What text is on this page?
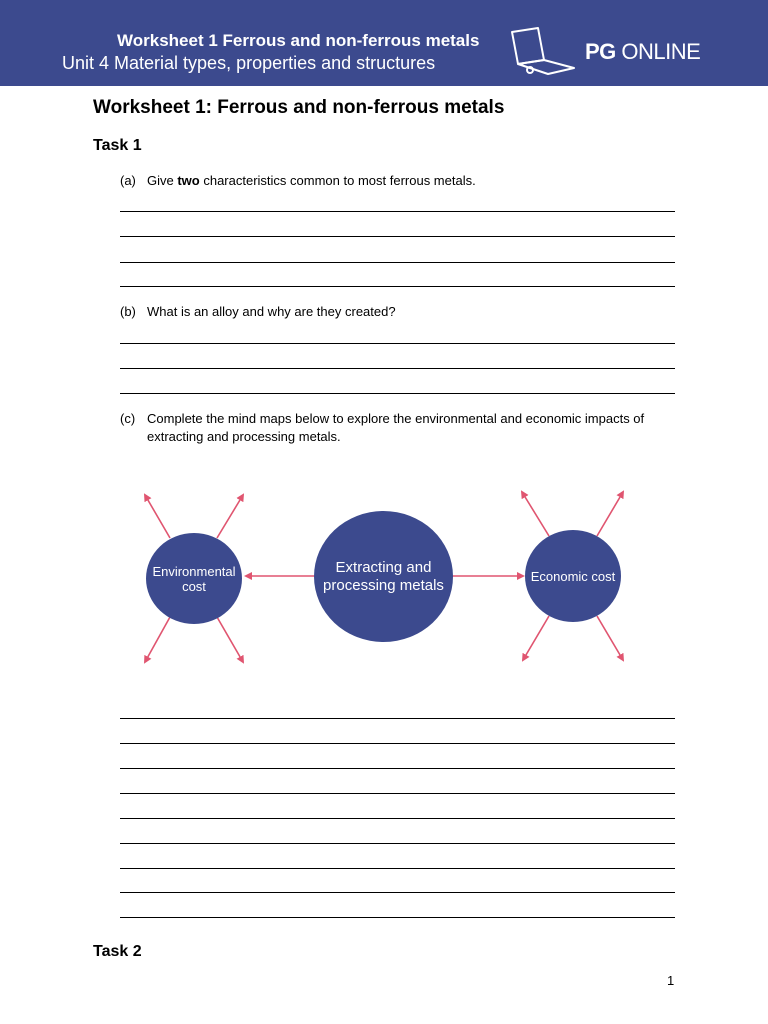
Worksheet 1 Ferrous and non-ferrous metals
Unit 4 Material types, properties and structures	PG ONLINE
Worksheet 1: Ferrous and non-ferrous metals
Task 1
(a) Give two characteristics common to most ferrous metals.
(b) What is an alloy and why are they created?
(c) Complete the mind maps below to explore the environmental and economic impacts of extracting and processing metals.
Environmental cost
Extracting and processing metals
Economic cost
Task 2
1
